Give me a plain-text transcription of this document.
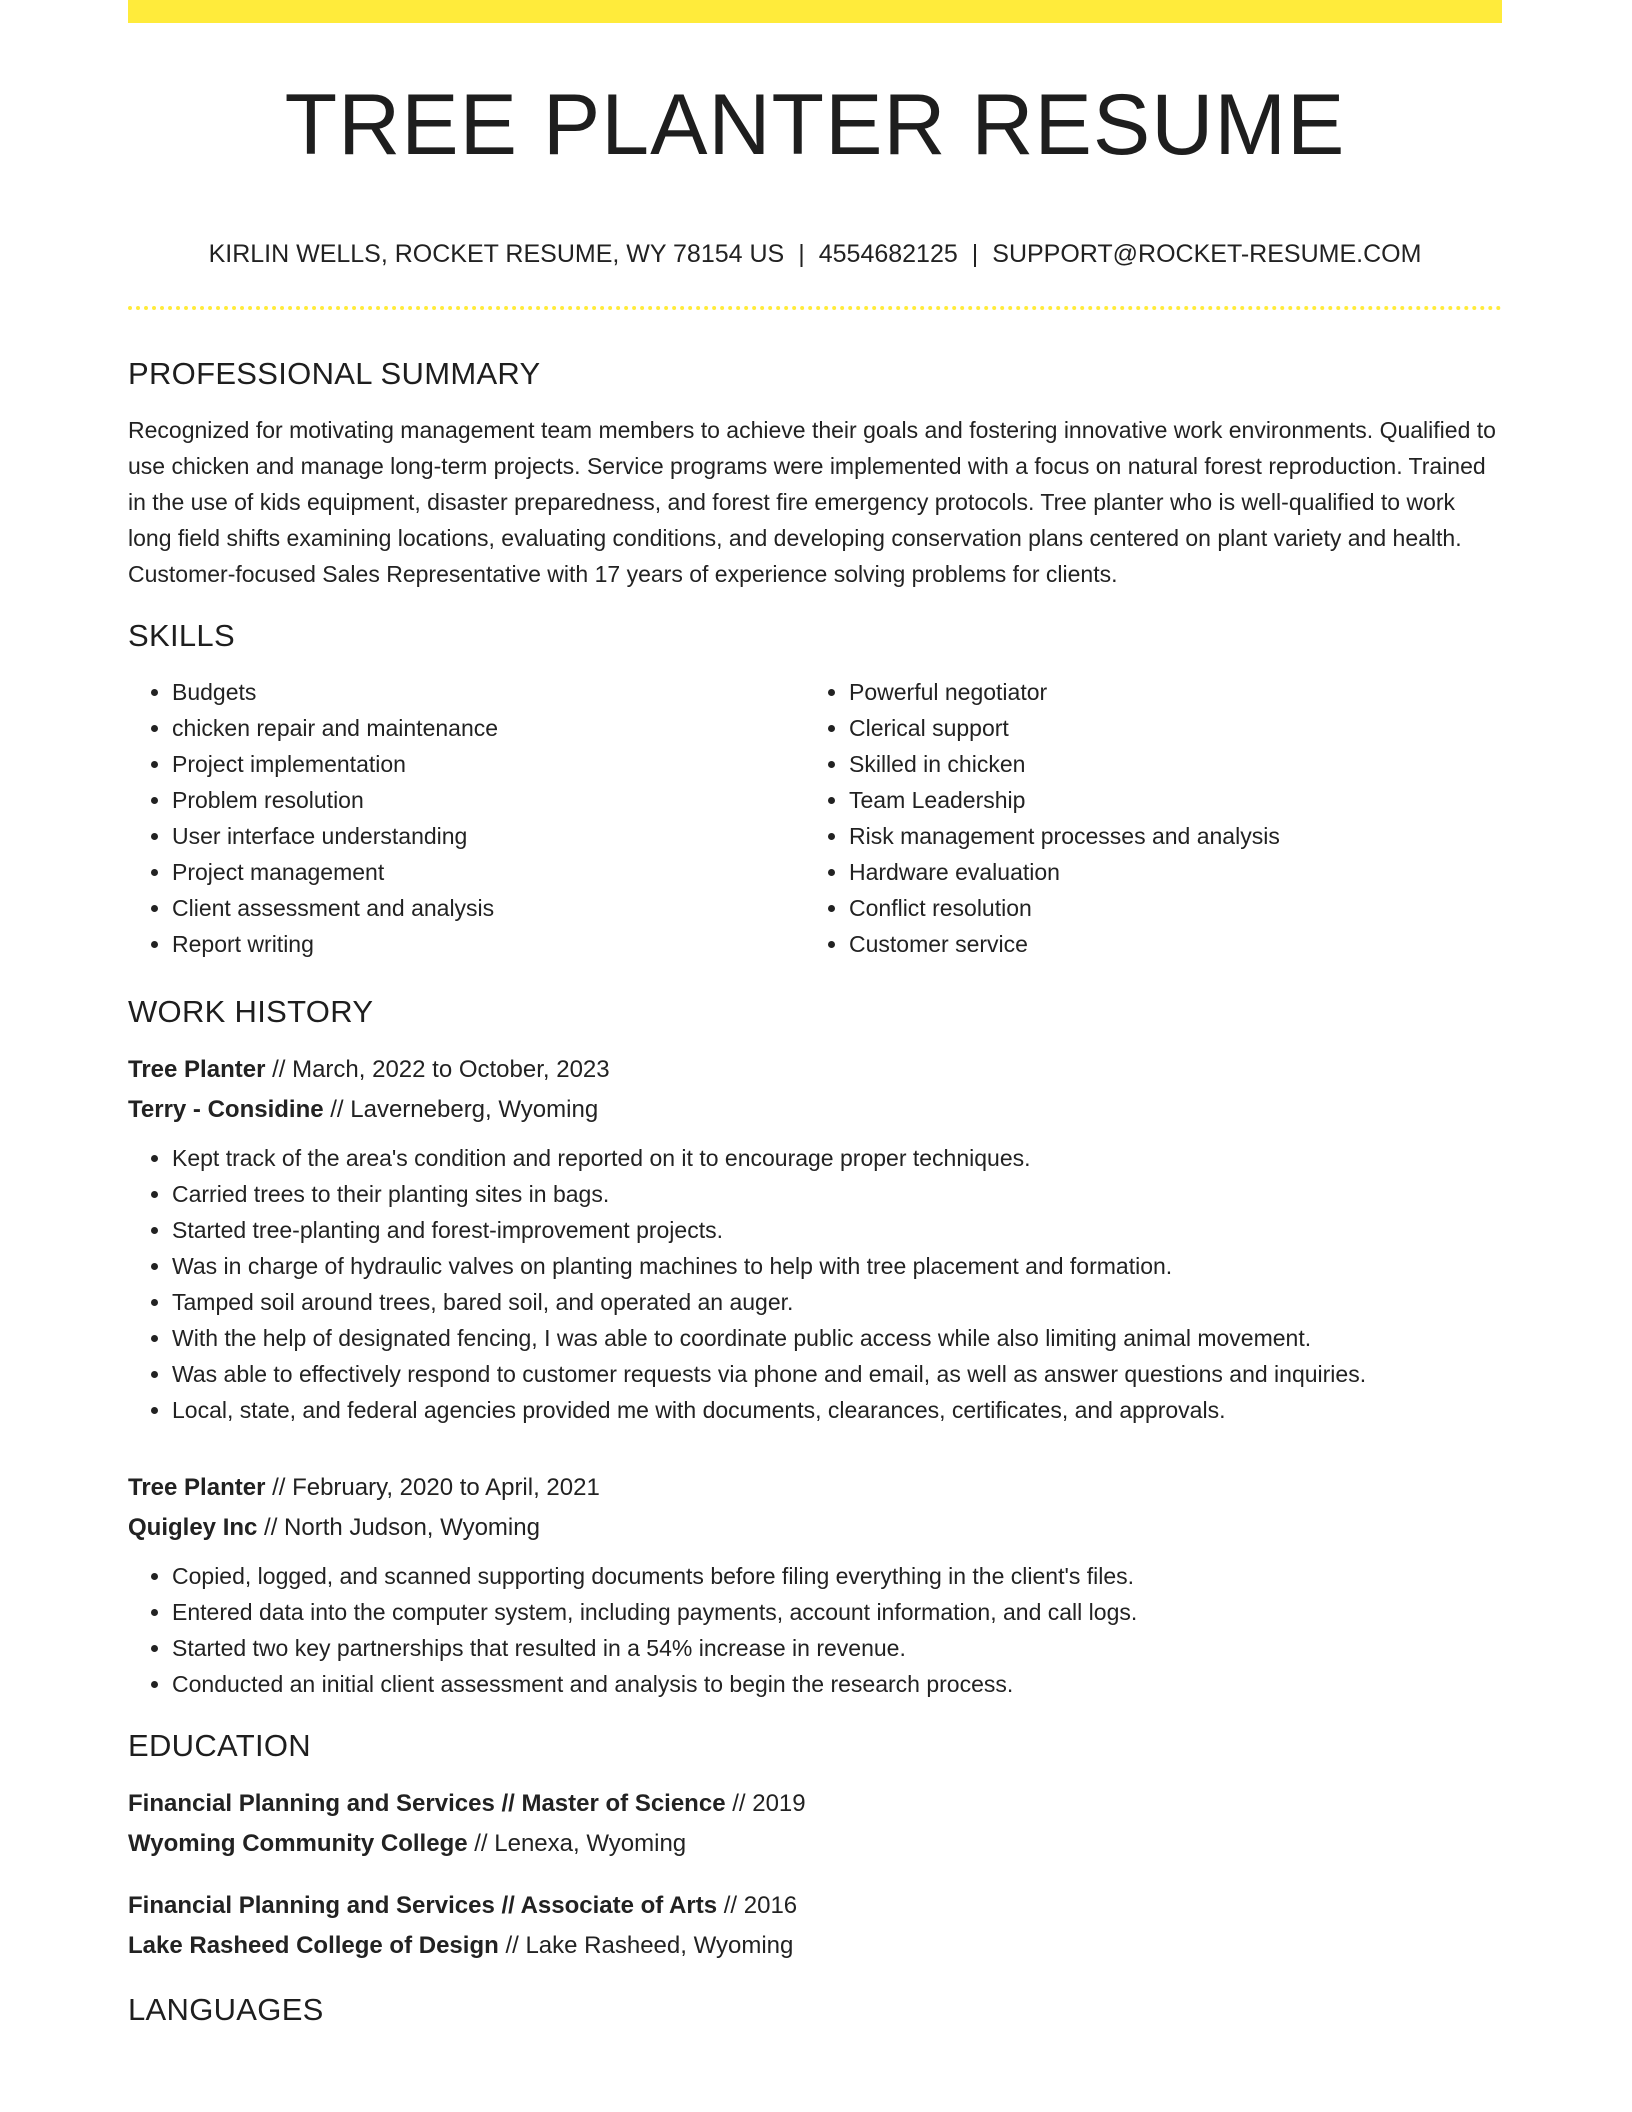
TREE PLANTER RESUME
KIRLIN WELLS, ROCKET RESUME, WY 78154 US | 4554682125 | SUPPORT@ROCKET-RESUME.COM
PROFESSIONAL SUMMARY

Recognized for motivating management team members to achieve their goals and fostering innovative work environments. Qualified to use chicken and manage long-term projects. Service programs were implemented with a focus on natural forest reproduction. Trained in the use of kids equipment, disaster preparedness, and forest fire emergency protocols. Tree planter who is well-qualified to work long field shifts examining locations, evaluating conditions, and developing conservation plans centered on plant variety and health. Customer-focused Sales Representative with 17 years of experience solving problems for clients.

SKILLS
• Budgets
• chicken repair and maintenance
• Project implementation
• Problem resolution
• User interface understanding
• Project management
• Client assessment and analysis
• Report writing
• Powerful negotiator
• Clerical support
• Skilled in chicken
• Team Leadership
• Risk management processes and analysis
• Hardware evaluation
• Conflict resolution
• Customer service
WORK HISTORY

Tree Planter // March, 2022 to October, 2023

Terry - Considine // Laverneberg, Wyoming

• Kept track of the area's condition and reported on it to encourage proper techniques.
• Carried trees to their planting sites in bags.
• Started tree-planting and forest-improvement projects.
• Was in charge of hydraulic valves on planting machines to help with tree placement and formation.
• Tamped soil around trees, bared soil, and operated an auger.
• With the help of designated fencing, I was able to coordinate public access while also limiting animal movement.
• Was able to effectively respond to customer requests via phone and email, as well as answer questions and inquiries.
• Local, state, and federal agencies provided me with documents, clearances, certificates, and approvals.

Tree Planter // February, 2020 to April, 2021

Quigley Inc // North Judson, Wyoming

• Copied, logged, and scanned supporting documents before filing everything in the client's files.
• Entered data into the computer system, including payments, account information, and call logs.
• Started two key partnerships that resulted in a 54% increase in revenue.
• Conducted an initial client assessment and analysis to begin the research process.
EDUCATION

Financial Planning and Services // Master of Science // 2019

Wyoming Community College // Lenexa, Wyoming

Financial Planning and Services // Associate of Arts // 2016

Lake Rasheed College of Design // Lake Rasheed, Wyoming

LANGUAGES
